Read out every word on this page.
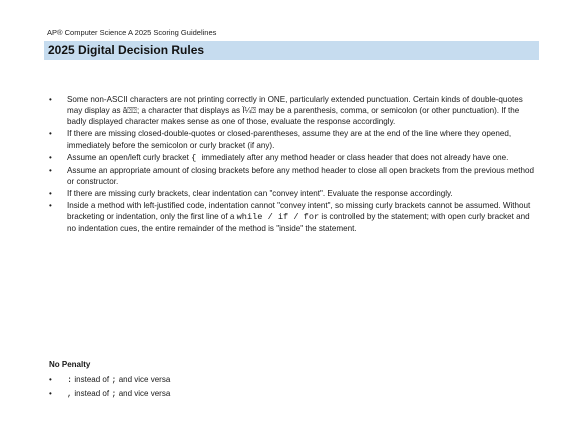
AP® Computer Science A 2025 Scoring Guidelines
2025 Digital Decision Rules
• Some non-ASCII characters are not printing correctly in ONE, particularly extended punctuation. Certain kinds of double-quotes may display as â⍰⍰; a character that displays as Ï¼⍰ may be a parenthesis, comma, or semicolon (or other punctuation). If the badly displayed character makes sense as one of those, evaluate the response accordingly.
• If there are missing closed-double-quotes or closed-parentheses, assume they are at the end of the line where they opened, immediately before the semicolon or curly bracket (if any).
• Assume an open/left curly bracket { immediately after any method header or class header that does not already have one.
• Assume an appropriate amount of closing brackets before any method header to close all open brackets from the previous method or constructor.
• If there are missing curly brackets, clear indentation can "convey intent". Evaluate the response accordingly.
• Inside a method with left-justified code, indentation cannot "convey intent", so missing curly brackets cannot be assumed. Without bracketing or indentation, only the first line of a while / if / for is controlled by the statement; with open curly bracket and no indentation cues, the entire remainder of the method is "inside" the statement.
No Penalty
• : instead of ; and vice versa
• , instead of ; and vice versa
